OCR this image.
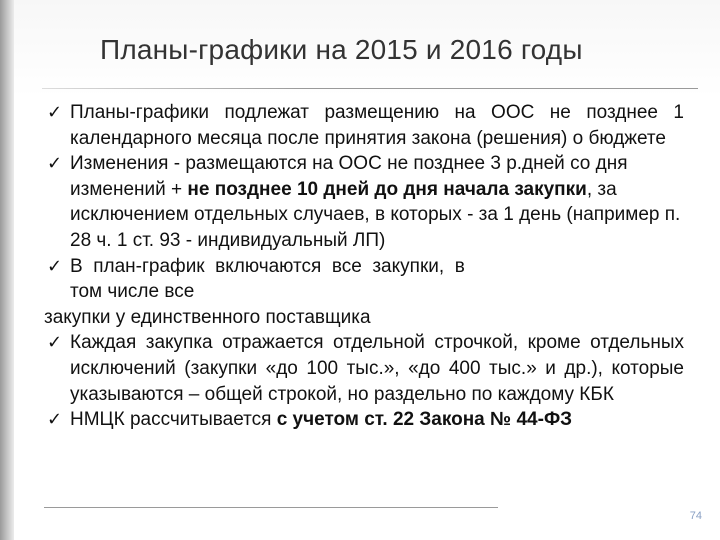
Планы-графики на 2015 и 2016 годы
✓ Планы-графики подлежат размещению на ООС не позднее 1 календарного месяца после принятия закона (решения) о бюджете
✓ Изменения - размещаются на ООС не позднее 3 р.дней со дня изменений + не позднее 10 дней до дня начала закупки, за исключением отдельных случаев, в которых - за 1 день (например п. 28 ч. 1 ст. 93 - индивидуальный ЛП)
✓ В  план-график  включаются  все  закупки,  в
том числе все
закупки у единственного поставщика
✓ Каждая закупка отражается отдельной строчкой, кроме отдельных исключений (закупки «до 100 тыс.», «до 400 тыс.» и др.), которые указываются – общей строкой, но раздельно по каждому КБК
✓ НМЦК рассчитывается с учетом ст. 22 Закона № 44-ФЗ
74
